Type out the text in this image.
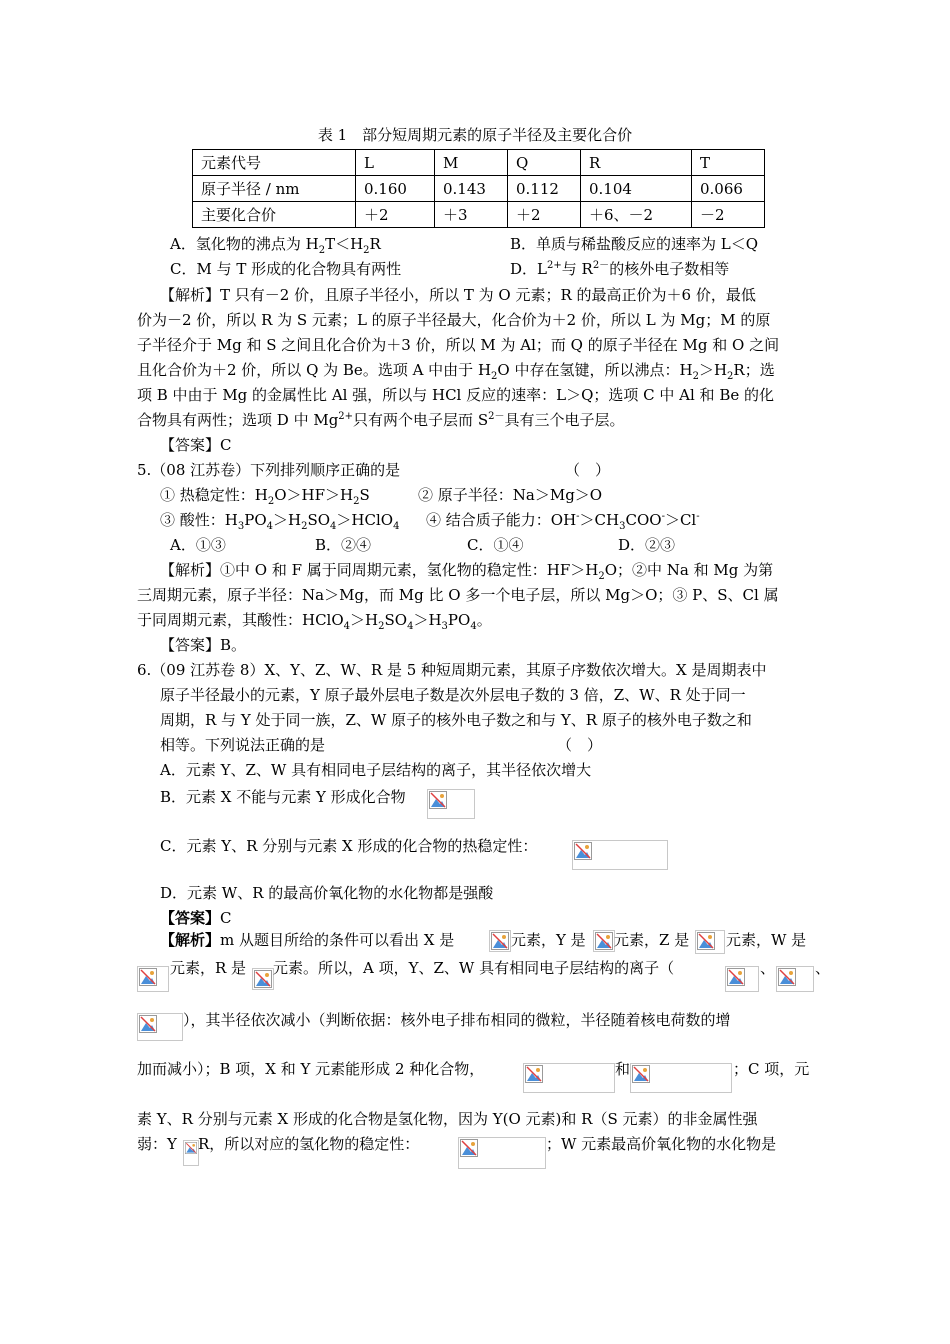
表 1　部分短周期元素的原子半径及主要化合价
元素代号	L	M	Q	R	T
原子半径 / nm	0.160	0.143	0.112	0.104	0.066
主要化合价	＋2	＋3	＋2	＋6、－2	－2
A．氢化物的沸点为 $H_2T<H_2R$	B．单质与稀盐酸反应的速率为 L＜Q
C．M 与 T 形成的化合物具有两性	D．$L^{2+}$与 $R^{2-}$的核外电子数相等
【解析】T 只有－2 价，且原子半径小，所以 T 为 O 元素；R 的最高正价为＋6 价，最低
价为－2 价，所以 R 为 S 元素；L 的原子半径最大，化合价为＋2 价，所以 L 为 Mg；M 的原
子半径介于 Mg 和 S 之间且化合价为＋3 价，所以 M 为 Al；而 Q 的原子半径在 Mg 和 O 之间
且化合价为＋2 价，所以 Q 为 Be。选项 A 中由于 $H_2O$ 中存在氢键，所以沸点：$H_2>H_2R$；选
项 B 中由于 Mg 的金属性比 Al 强，所以与 HCl 反应的速率：L＞Q；选项 C 中 Al 和 Be 的化
合物具有两性；选项 D 中 $Mg^{2+}$只有两个电子层而 $S^{2-}$具有三个电子层。
【答案】C
5.（08 江苏卷）下列排列顺序正确的是	（　）
① 热稳定性：$H_2O>HF>H_2S$	② 原子半径：Na＞Mg＞O
③ 酸性：$H_3PO_4>H_2SO_4>HClO_4$ ④ 结合质子能力：$OH^->CH_3COO^->Cl^-$
A．①③	B．②④	C．①④	D．②③
【解析】①中 O 和 F 属于同周期元素，氢化物的稳定性：$HF>H_2O$；②中 Na 和 Mg 为第
三周期元素，原子半径：Na＞Mg，而 Mg 比 O 多一个电子层，所以 Mg＞O；③ P、S、Cl 属
于同周期元素，其酸性：$HClO_4>H_2SO_4>H_3PO_4$。
【答案】B。
6.（09 江苏卷 8）X、Y、Z、W、R 是 5 种短周期元素，其原子序数依次增大。X 是周期表中
原子半径最小的元素，Y 原子最外层电子数是次外层电子数的 3 倍，Z、W、R 处于同一
周期，R 与 Y 处于同一族，Z、W 原子的核外电子数之和与 Y、R 原子的核外电子数之和
相等。下列说法正确的是	（　）
A．元素 Y、Z、W 具有相同电子层结构的离子，其半径依次增大
B．元素 X 不能与元素 Y 形成化合物
C．元素 Y、R 分别与元素 X 形成的化合物的热稳定性：
D．元素 W、R 的最高价氧化物的水化物都是强酸
【答案】C
【解析】m 从题目所给的条件可以看出 X 是	元素，Y 是 元素，Z 是 元素，W 是
元素，R 是 元素。所以，A 项，Y、Z、W 具有相同电子层结构的离子（	、	、
），其半径依次减小（判断依据：核外电子排布相同的微粒，半径随着核电荷数的增
加而减小）；B 项，X 和 Y 元素能形成 2 种化合物，	和	；C 项，元
素 Y、R 分别与元素 X 形成的化合物是氢化物，因为 Y(O 元素)和 R（S 元素）的非金属性强
弱：Y R，所以对应的氢化物的稳定性：	；W 元素最高价氧化物的水化物是
